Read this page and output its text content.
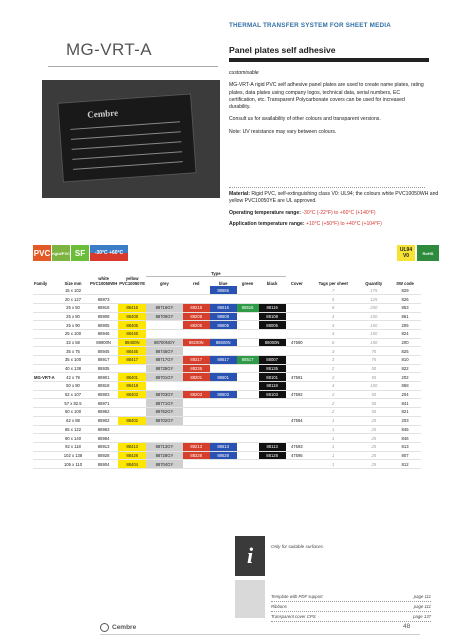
THERMAL TRANSFER SYSTEM FOR SHEET MEDIA
MG-VRT-A	Panel plates self adhesive
Cembre

customisable

MG-VRT-A rigid PVC self adhesive panel plates are used to create name plates, rating plates, data plates using company logos, technical data, serial numbers, EC certification, etc. Transparent Polycarbonate covers can be used for increased durability.

Consult us for availability of other colours and transparent versions.

Note: UV resistance may vary between colours.

Material: Rigid PVC, self-extinguishing class V0: UL94; the colours white PVC10050WH and yellow PVC10050YE are UL approved.
Operating temperature range: -30°C (-22°F) to +60°C (+140°F)
Application temperature range: +10°C (+50°F) to +40°C (+104°F)
PVC rigid/PVC SF	-30°C
+60°C	UL94
V0	RoHS
				Type								
Family	Size mm	white PVC10050WH	yellow PVC10050YE	grey	red	blue	green	black	Cover	Tags per sheet	Quantity	SW code
	15 x 102					88655				7	175	829
	20 x 127	88973								5	125	826
	25 x 50	88916	88416	88716GY	88216	88616	88516	88116		8	200	853
	25 x 80	88908	88408	88708GY	88208	88608		88108		4	100	861
	25 x 90	88905	88405		88205	88605		88005		4	100	205
	25 x 100	88946	88446							4	100	824
	32 x 58	88900N	88400N	88700NGY	88200N	88600N		88000N	47590	6	150	200
	35 x 75	88945	88445	88745GY						3	75	825
	35 x 100	88917	88417	88717GY	88217	88617	88517	88007		3	75	810
	40 x 138	88935		88735GY	88235			88135		2	50	822
MG-VRT-A	42 x 78	88901	88401	88701GY	88201	88601		88101	47591	2	50	202
	50 x 80	88918	88418					88118		4	100	858
	52 x 107	88903	88403	88703GY	88203	88603		88103	47592	2	50	204
	57 x 82.5	88971		88771GY						2	50	841
	60 x 100	88962		88762GY						2	50	821
	62 x 88	88902	88402	88702GY					47594	1	25	203
	65 x 122	88963								1	25	845
	90 x 140	88964								1	25	846
	92 x 118	88913	88413	88713GY	88213	88613		88113	47593	1	25	813
	102 x 138	88928	88428	88728GY	88228	88628		88128	47595	1	25	807
	105 x 110	88904	88404	88704GY						1	25	812
i	Only for suitable surfaces.
Template with PDF support	page 111
Ribbons	page 111
Transparent cover CPS	page 137
Cembre	48
